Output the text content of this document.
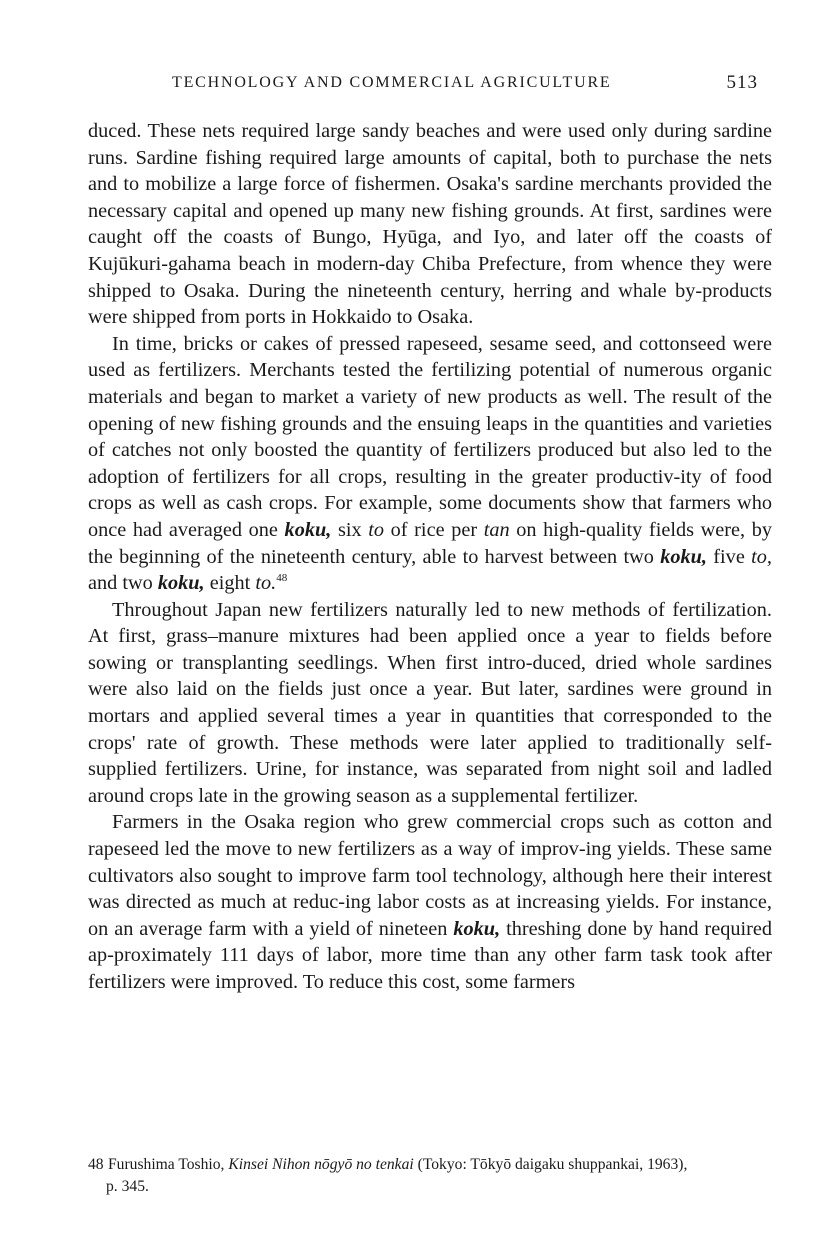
TECHNOLOGY AND COMMERCIAL AGRICULTURE	513

duced. These nets required large sandy beaches and were used only during sardine runs. Sardine fishing required large amounts of capital, both to purchase the nets and to mobilize a large force of fishermen. Osaka's sardine merchants provided the necessary capital and opened up many new fishing grounds. At first, sardines were caught off the coasts of Bungo, Hyūga, and Iyo, and later off the coasts of Kujūkuri-gahama beach in modern-day Chiba Prefecture, from whence they were shipped to Osaka. During the nineteenth century, herring and whale by-products were shipped from ports in Hokkaido to Osaka.

In time, bricks or cakes of pressed rapeseed, sesame seed, and cottonseed were used as fertilizers. Merchants tested the fertilizing potential of numerous organic materials and began to market a variety of new products as well. The result of the opening of new fishing grounds and the ensuing leaps in the quantities and varieties of catches not only boosted the quantity of fertilizers produced but also led to the adoption of fertilizers for all crops, resulting in the greater productiv-ity of food crops as well as cash crops. For example, some documents show that farmers who once had averaged one koku, six to of rice per tan on high-quality fields were, by the beginning of the nineteenth century, able to harvest between two koku, five to, and two koku, eight to.$^{48}$

Throughout Japan new fertilizers naturally led to new methods of fertilization. At first, grass–manure mixtures had been applied once a year to fields before sowing or transplanting seedlings. When first intro-duced, dried whole sardines were also laid on the fields just once a year. But later, sardines were ground in mortars and applied several times a year in quantities that corresponded to the crops' rate of growth. These methods were later applied to traditionally self-supplied fertilizers. Urine, for instance, was separated from night soil and ladled around crops late in the growing season as a supplemental fertilizer.

Farmers in the Osaka region who grew commercial crops such as cotton and rapeseed led the move to new fertilizers as a way of improv-ing yields. These same cultivators also sought to improve farm tool technology, although here their interest was directed as much at reduc-ing labor costs as at increasing yields. For instance, on an average farm with a yield of nineteen koku, threshing done by hand required ap-proximately 111 days of labor, more time than any other farm task took after fertilizers were improved. To reduce this cost, some farmers

48 Furushima Toshio, Kinsei Nihon nōgyō no tenkai (Tokyo: Tōkyō daigaku shuppankai, 1963),
p. 345.
